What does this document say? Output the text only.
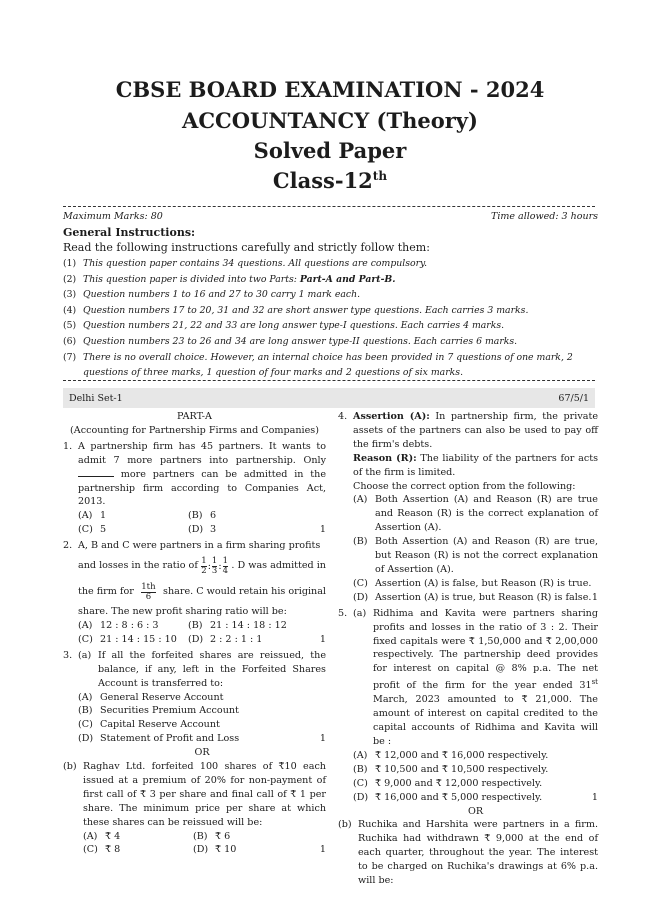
CBSE BOARD EXAMINATION - 2024
ACCOUNTANCY (Theory)
Solved Paper
Class-12th
Maximum Marks: 80	Time allowed: 3 hours
General Instructions:
Read the following instructions carefully and strictly follow them:
(1) This question paper contains 34 questions. All questions are compulsory.
(2) This question paper is divided into two Parts: Part-A and Part-B.
(3) Question numbers 1 to 16 and 27 to 30 carry 1 mark each.
(4) Question numbers 17 to 20, 31 and 32 are short answer type questions. Each carries 3 marks.
(5) Question numbers 21, 22 and 33 are long answer type-I questions. Each carries 4 marks.
(6) Question numbers 23 to 26 and 34 are long answer type-II questions. Each carries 6 marks.
(7) There is no overall choice. However, an internal choice has been provided in 7 questions of one mark, 2 questions of three marks, 1 question of four marks and 2 questions of six marks.
Delhi Set-1	67/5/1
PART-A
(Accounting for Partnership Firms and Companies)
1. A partnership firm has 45 partners. It wants to admit 7 more partners into partnership. Only  more partners can be admitted in the partnership firm according to Companies Act, 2013.
(A) 1	(B) 6
(C) 5	(D) 3	1
2. A, B and C were partners in a firm sharing profits
and losses in the ratio of $\frac{1}{2}$ : $\frac{1}{3}$ : $\frac{1}{4}$ . D was admitted in
the firm for $\frac{1th}{6}$ share. C would retain his original
share. The new profit sharing ratio will be:
(A) 12 : 8 : 6 : 3	(B) 21 : 14 : 18 : 12
(C) 21 : 14 : 15 : 10 (D) 2 : 2 : 1 : 1	1
3. (a) If all the forfeited shares are reissued, the balance, if any, left in the Forfeited Shares Account is transferred to:
(A) General Reserve Account
(B) Securities Premium Account
(C) Capital Reserve Account
(D) Statement of Profit and Loss	1
OR
(b) Raghav Ltd. forfeited 100 shares of ₹10 each issued at a premium of 20% for non-payment of first call of ₹ 3 per share and final call of ₹ 1 per share. The minimum price per share at which these shares can be reissued will be:
(A) ₹ 4	(B) ₹ 6
(C) ₹ 8	(D) ₹ 10	1
4. Assertion (A): In partnership firm, the private assets of the partners can also be used to pay off the firm's debts.
Reason (R): The liability of the partners for acts of the firm is limited.
Choose the correct option from the following:
(A) Both Assertion (A) and Reason (R) are true and Reason (R) is the correct explanation of Assertion (A).
(B) Both Assertion (A) and Reason (R) are true, but Reason (R) is not the correct explanation of Assertion (A).
(C) Assertion (A) is false, but Reason (R) is true.
(D) Assertion (A) is true, but Reason (R) is false. 1
5. (a) Ridhima and Kavita were partners sharing profits and losses in the ratio of 3 : 2. Their fixed capitals were ₹ 1,50,000 and ₹ 2,00,000 respectively. The partnership deed provides for interest on capital @ 8% p.a. The net profit of the firm for the year ended 31st March, 2023 amounted to ₹ 21,000. The amount of interest on capital credited to the capital accounts of Ridhima and Kavita will be :
(A) ₹ 12,000 and ₹ 16,000 respectively.
(B) ₹ 10,500 and ₹ 10,500 respectively.
(C) ₹ 9,000 and ₹ 12,000 respectively.
(D) ₹ 16,000 and ₹ 5,000 respectively.	1
OR
(b) Ruchika and Harshita were partners in a firm. Ruchika had withdrawn ₹ 9,000 at the end of each quarter, throughout the year. The interest to be charged on Ruchika's drawings at 6% p.a. will be:
